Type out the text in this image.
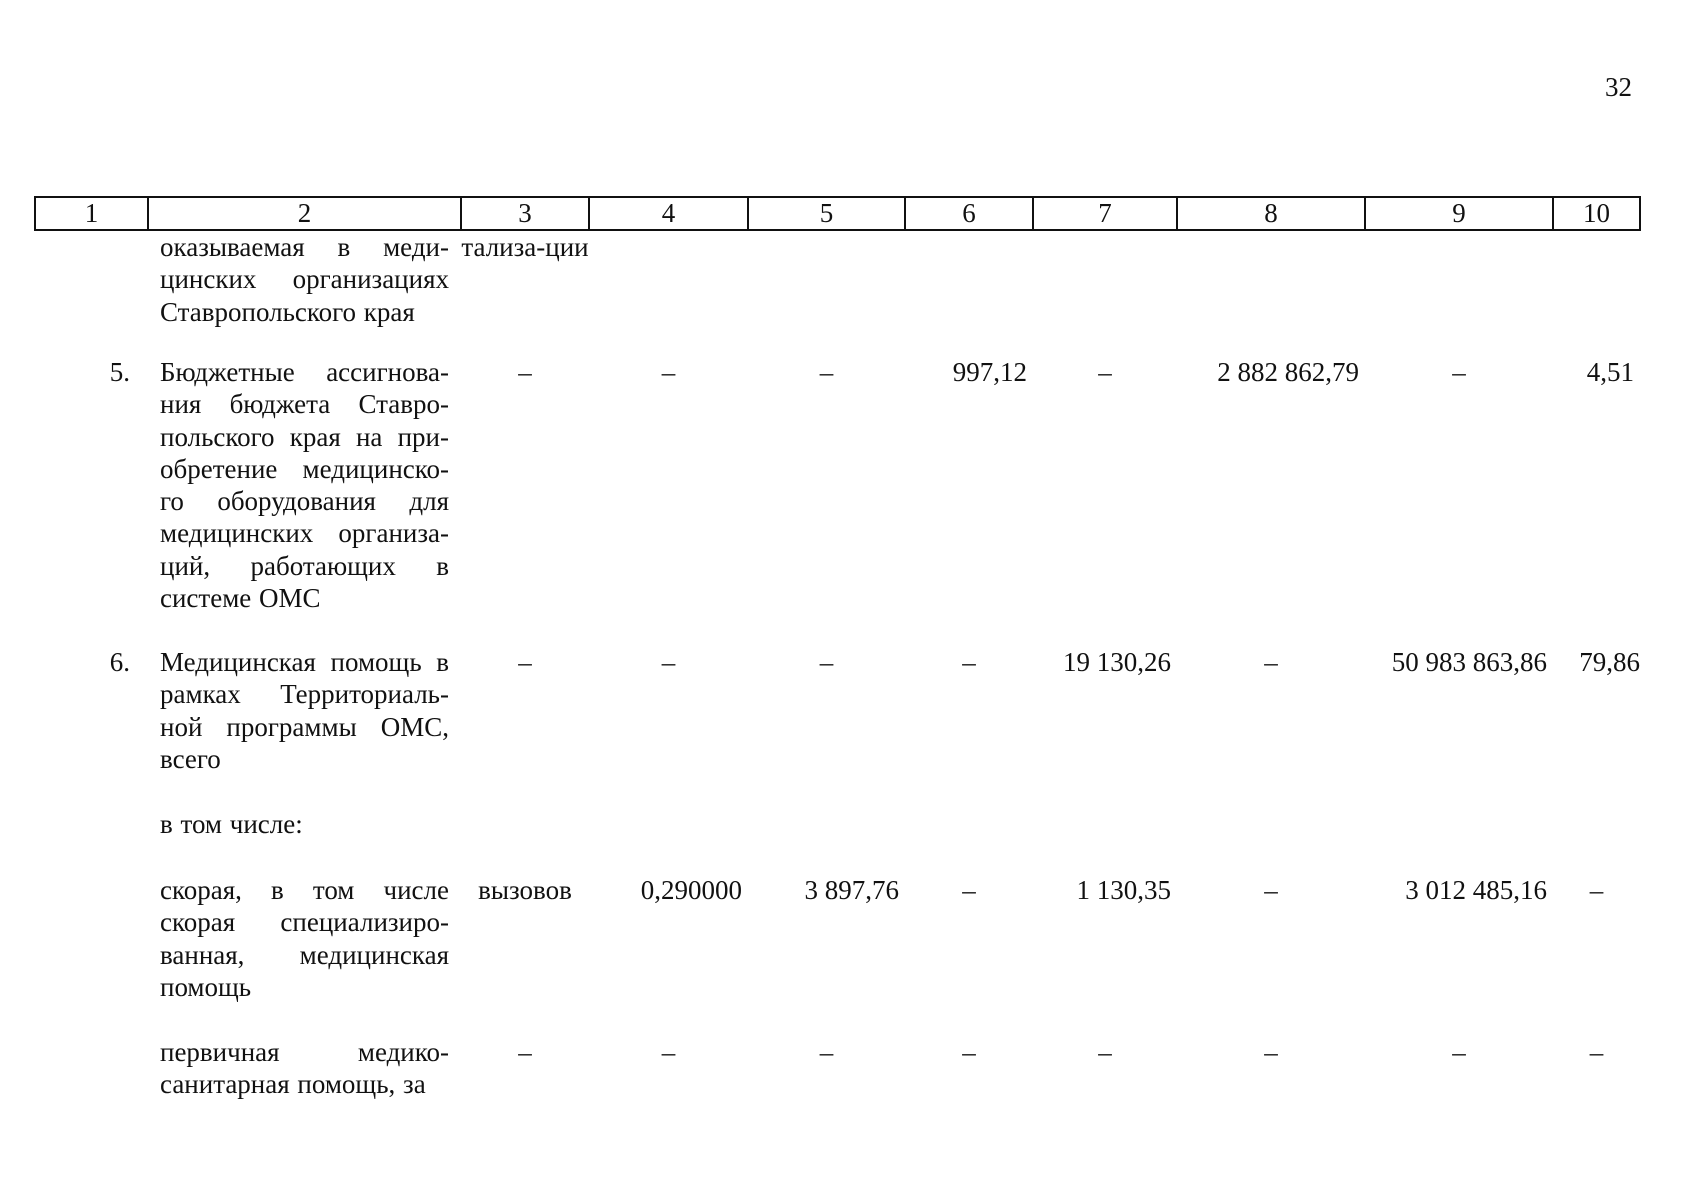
32
1	2	3	4	5	6	7	8	9	10
	оказываемая в меди-цинских организациях Ставропольского края	тализа-ции							
5.	Бюджетные ассигнова-ния бюджета Ставро-польского края на при-обретение медицинско-го оборудования для медицинских организа-ций, работающих в системе ОМС	–	–	–	997,12	–	2 882 862,79	–	4,51
6.	Медицинская помощь в рамках Территориаль-ной программы ОМС, всего	–	–	–	–	19 130,26	–	50 983 863,86	79,86
	в том числе:								
	скорая, в том числе скорая специализиро-ванная, медицинская помощь	вызовов	0,290000	3 897,76	–	1 130,35	–	3 012 485,16	–
	первичная медико-санитарная помощь, за	–	–	–	–	–	–	–	–
